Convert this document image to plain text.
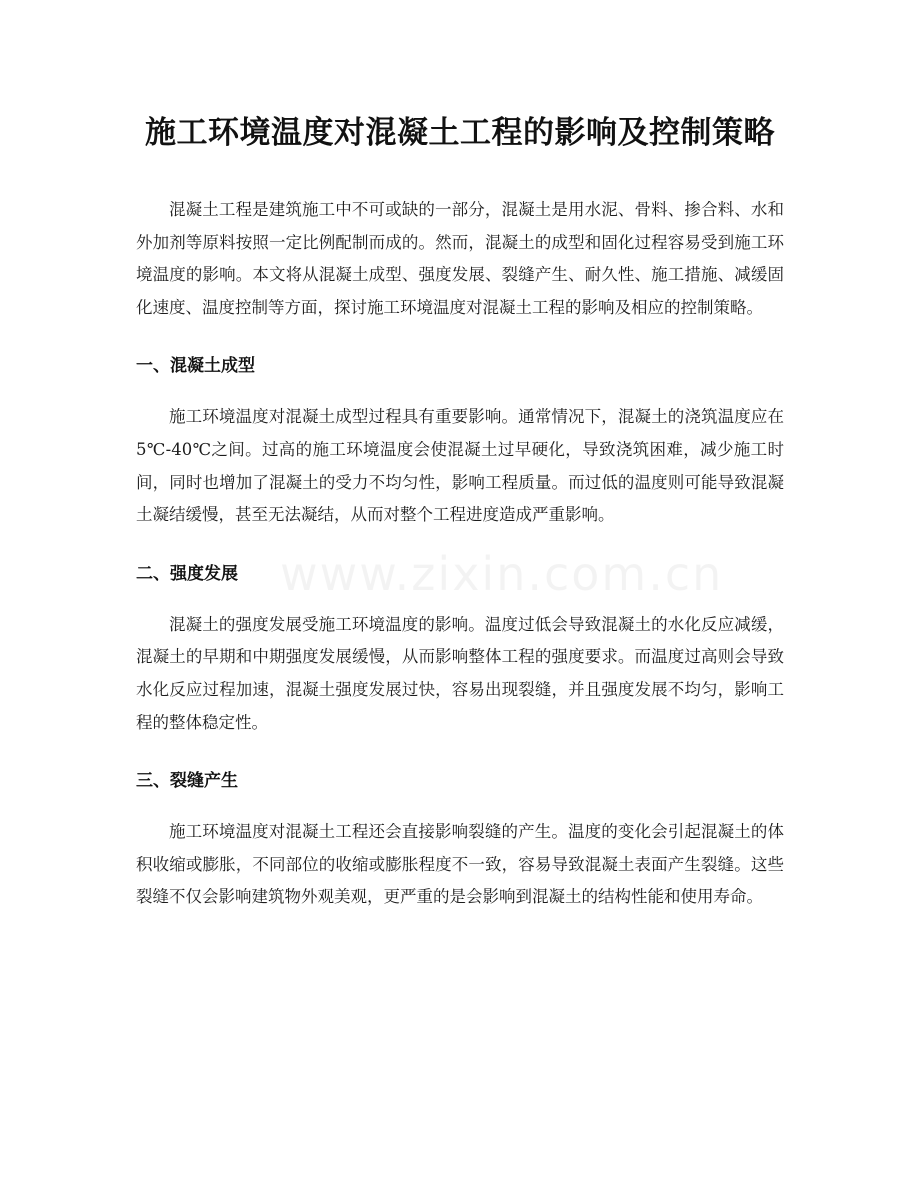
施工环境温度对混凝土工程的影响及控制策略

混凝土工程是建筑施工中不可或缺的一部分，混凝土是用水泥、骨料、掺合料、水和外加剂等原料按照一定比例配制而成的。然而，混凝土的成型和固化过程容易受到施工环境温度的影响。本文将从混凝土成型、强度发展、裂缝产生、耐久性、施工措施、减缓固化速度、温度控制等方面，探讨施工环境温度对混凝土工程的影响及相应的控制策略。

一、混凝土成型

施工环境温度对混凝土成型过程具有重要影响。通常情况下，混凝土的浇筑温度应在5℃-40℃之间。过高的施工环境温度会使混凝土过早硬化，导致浇筑困难，减少施工时间，同时也增加了混凝土的受力不均匀性，影响工程质量。而过低的温度则可能导致混凝土凝结缓慢，甚至无法凝结，从而对整个工程进度造成严重影响。

二、强度发展

混凝土的强度发展受施工环境温度的影响。温度过低会导致混凝土的水化反应减缓，混凝土的早期和中期强度发展缓慢，从而影响整体工程的强度要求。而温度过高则会导致水化反应过程加速，混凝土强度发展过快，容易出现裂缝，并且强度发展不均匀，影响工程的整体稳定性。

三、裂缝产生

施工环境温度对混凝土工程还会直接影响裂缝的产生。温度的变化会引起混凝土的体积收缩或膨胀，不同部位的收缩或膨胀程度不一致，容易导致混凝土表面产生裂缝。这些裂缝不仅会影响建筑物外观美观，更严重的是会影响到混凝土的结构性能和使用寿命。
